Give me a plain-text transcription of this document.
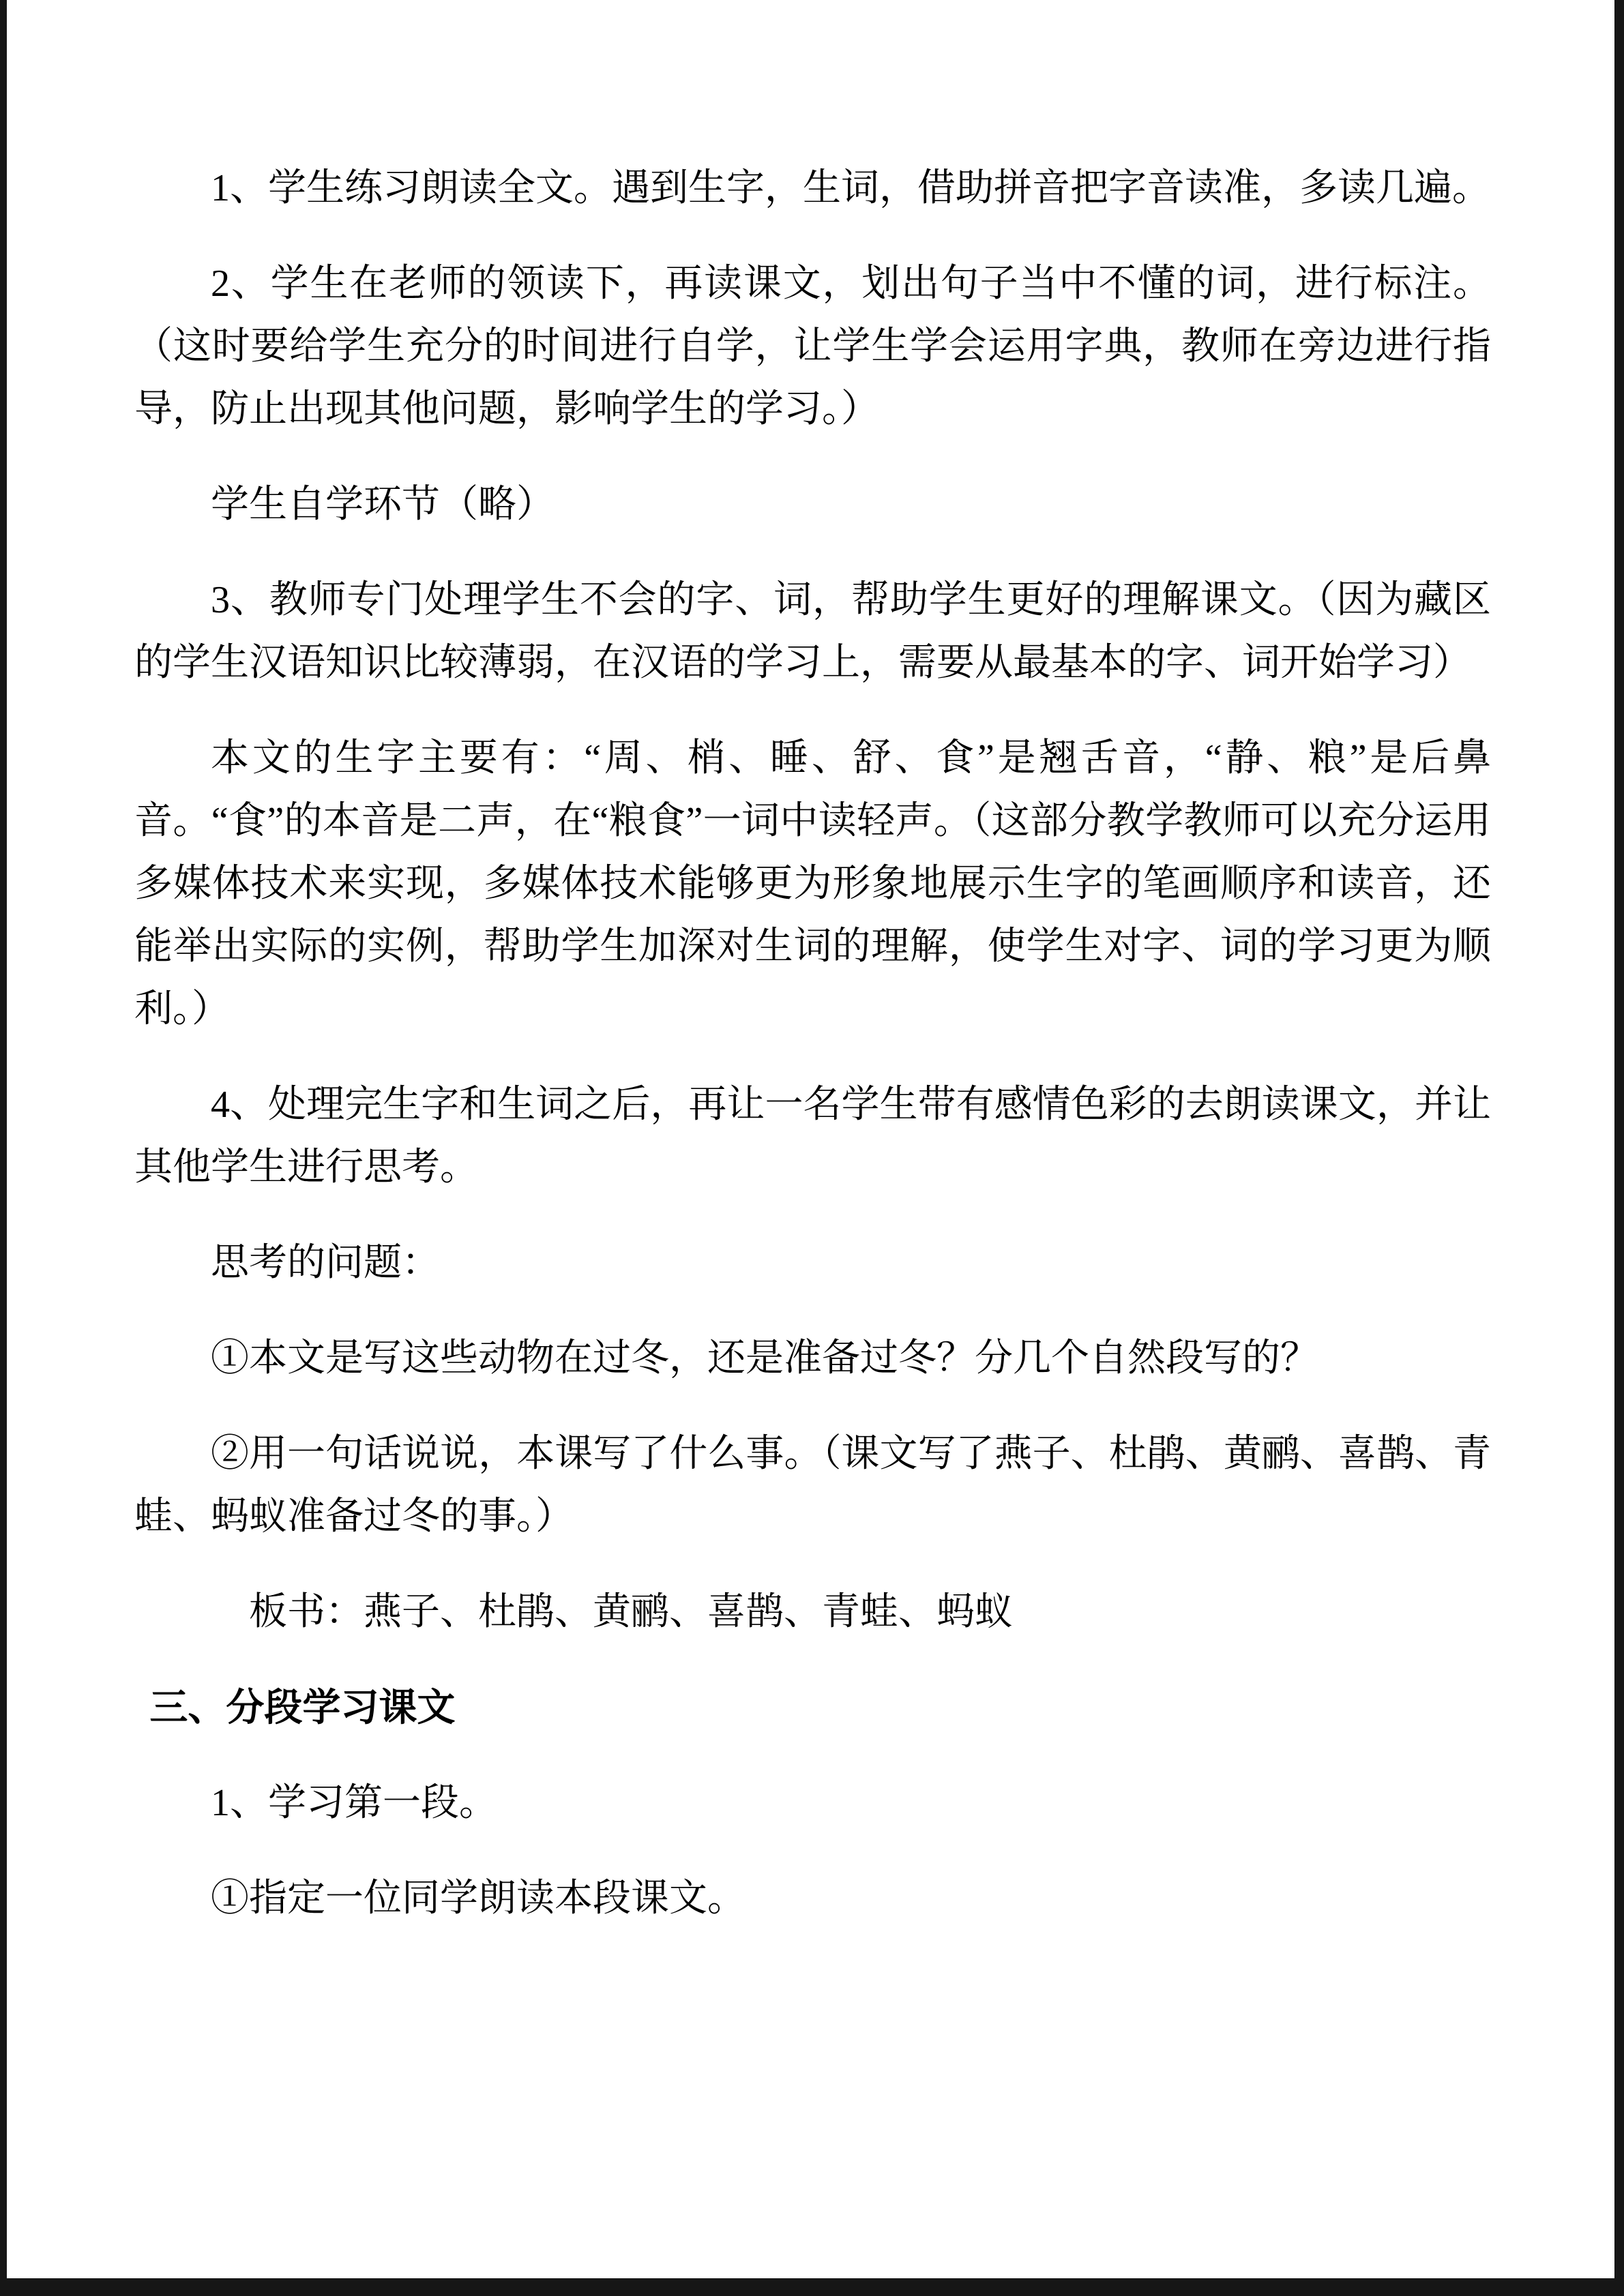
1、学生练习朗读全文。遇到生字，生词，借助拼音把字音读准，多读几遍。

2、学生在老师的领读下，再读课文，划出句子当中不懂的词，进行标注。（这时要给学生充分的时间进行自学，让学生学会运用字典，教师在旁边进行指导，防止出现其他问题，影响学生的学习。）

学生自学环节（略）

3、教师专门处理学生不会的字、词，帮助学生更好的理解课文。（因为藏区的学生汉语知识比较薄弱，在汉语的学习上，需要从最基本的字、词开始学习）

本文的生字主要有：“周、梢、睡、舒、食”是翘舌音，“静、粮”是后鼻音。“食”的本音是二声，在“粮食”一词中读轻声。（这部分教学教师可以充分运用多媒体技术来实现，多媒体技术能够更为形象地展示生字的笔画顺序和读音，还能举出实际的实例，帮助学生加深对生词的理解，使学生对字、词的学习更为顺利。）

4、处理完生字和生词之后，再让一名学生带有感情色彩的去朗读课文，并让其他学生进行思考。

思考的问题：

①本文是写这些动物在过冬，还是准备过冬？分几个自然段写的？

②用一句话说说，本课写了什么事。（课文写了燕子、杜鹃、黄鹂、喜鹊、青蛙、蚂蚁准备过冬的事。）

板书：燕子、杜鹃、黄鹂、喜鹊、青蛙、蚂蚁

三、分段学习课文

1、学习第一段。

①指定一位同学朗读本段课文。
